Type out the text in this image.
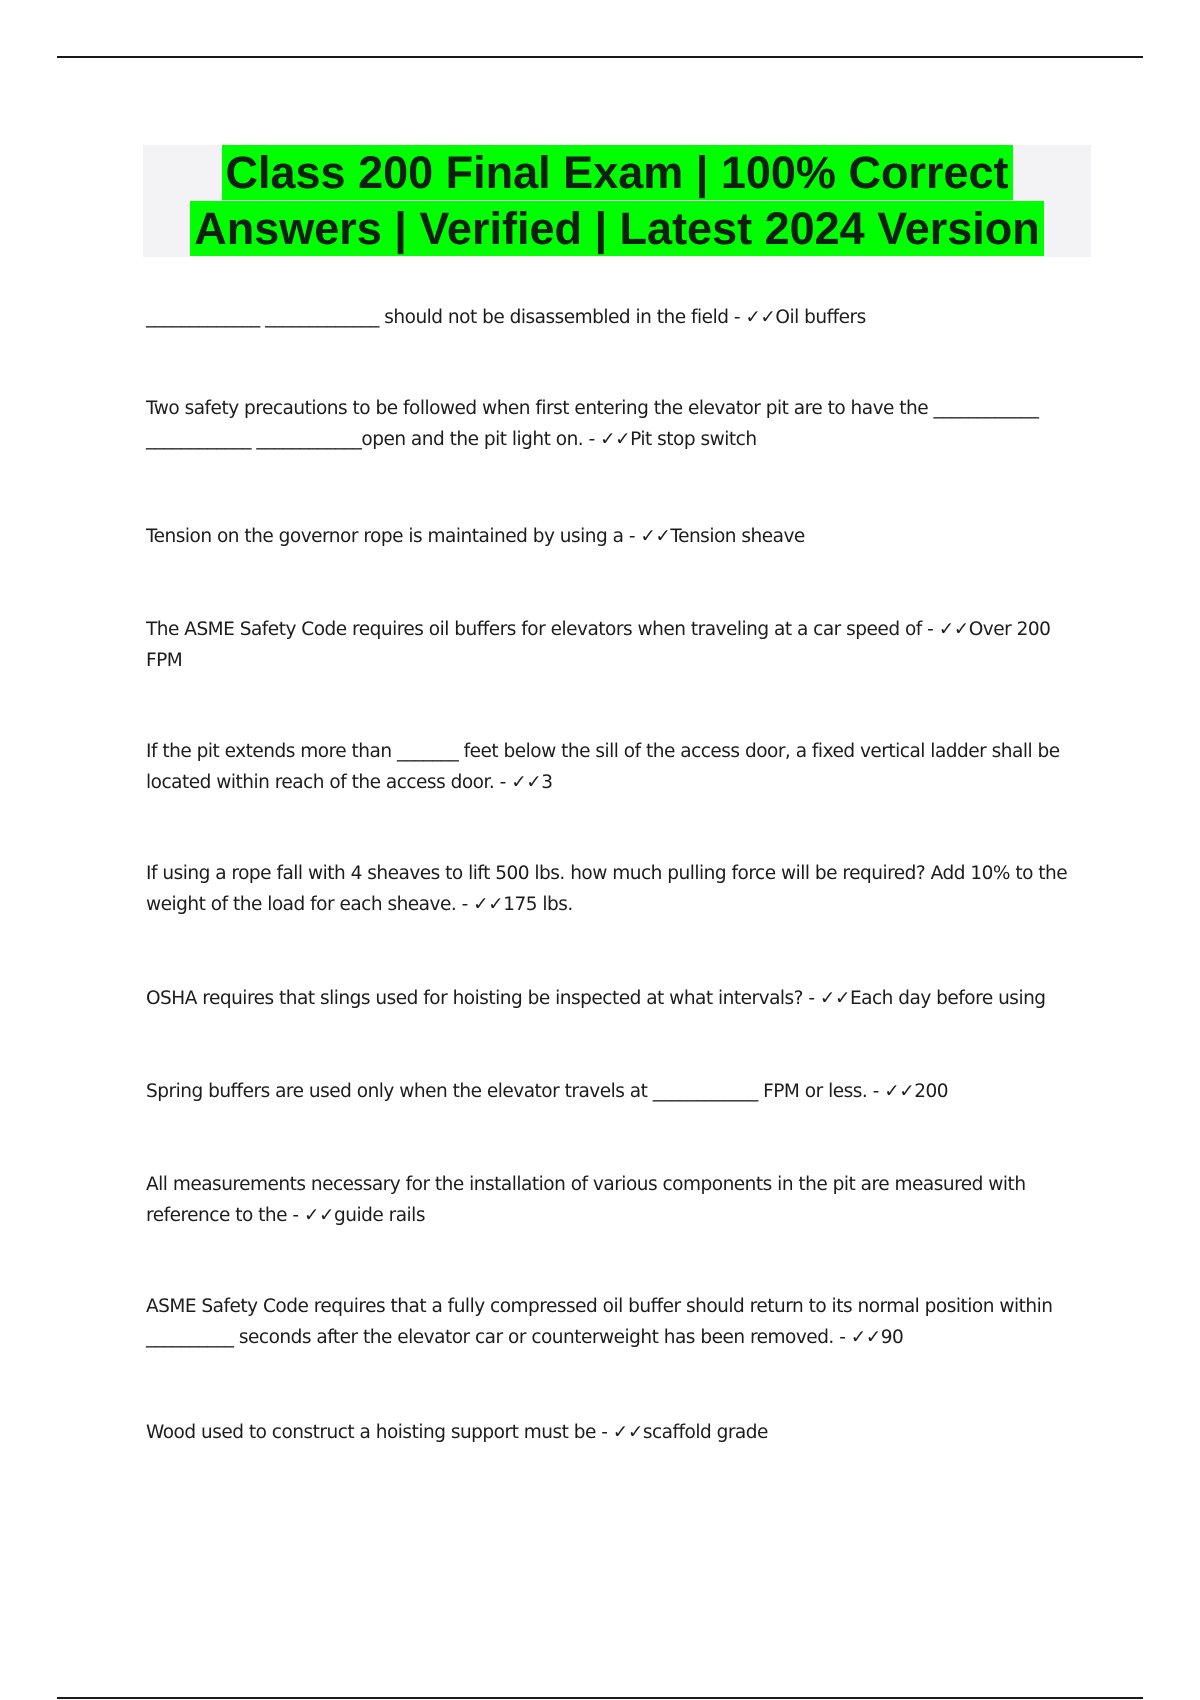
Class 200 Final Exam | 100% Correct
Answers | Verified | Latest 2024 Version

_____________ _____________ should not be disassembled in the field - ✓✓Oil buffers

Two safety precautions to be followed when first entering the elevator pit are to have the ____________ ____________ ____________open and the pit light on. - ✓✓Pit stop switch

Tension on the governor rope is maintained by using a - ✓✓Tension sheave

The ASME Safety Code requires oil buffers for elevators when traveling at a car speed of - ✓✓Over 200 FPM

If the pit extends more than _______ feet below the sill of the access door, a fixed vertical ladder shall be located within reach of the access door. - ✓✓3

If using a rope fall with 4 sheaves to lift 500 lbs. how much pulling force will be required? Add 10% to the weight of the load for each sheave. - ✓✓175 lbs.

OSHA requires that slings used for hoisting be inspected at what intervals? - ✓✓Each day before using

Spring buffers are used only when the elevator travels at ____________ FPM or less. - ✓✓200

All measurements necessary for the installation of various components in the pit are measured with reference to the - ✓✓guide rails

ASME Safety Code requires that a fully compressed oil buffer should return to its normal position within __________ seconds after the elevator car or counterweight has been removed. - ✓✓90

Wood used to construct a hoisting support must be - ✓✓scaffold grade
